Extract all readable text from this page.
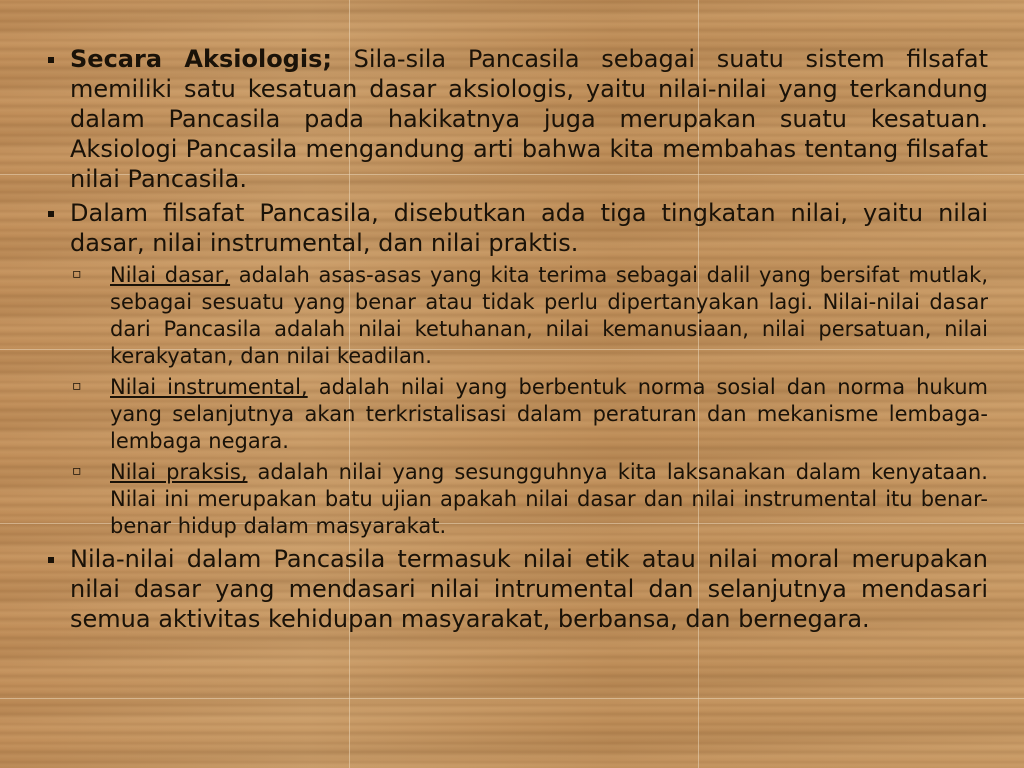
Secara Aksiologis; Sila-sila Pancasila sebagai suatu sistem filsafat memiliki satu kesatuan dasar aksiologis, yaitu nilai-nilai yang terkandung dalam Pancasila pada hakikatnya juga merupakan suatu kesatuan. Aksiologi Pancasila mengandung arti bahwa kita membahas tentang filsafat nilai Pancasila.

Dalam filsafat Pancasila, disebutkan ada tiga tingkatan nilai, yaitu nilai dasar, nilai instrumental, dan nilai praktis.

▫ Nilai dasar, adalah asas-asas yang kita terima sebagai dalil yang bersifat mutlak, sebagai sesuatu yang benar atau tidak perlu dipertanyakan lagi. Nilai-nilai dasar dari Pancasila adalah nilai ketuhanan, nilai kemanusiaan, nilai persatuan, nilai kerakyatan, dan nilai keadilan.

▫ Nilai instrumental, adalah nilai yang berbentuk norma sosial dan norma hukum yang selanjutnya akan terkristalisasi dalam peraturan dan mekanisme lembaga-lembaga negara.

▫ Nilai praksis, adalah nilai yang sesungguhnya kita laksanakan dalam kenyataan. Nilai ini merupakan batu ujian apakah nilai dasar dan nilai instrumental itu benar-benar hidup dalam masyarakat.

Nila-nilai dalam Pancasila termasuk nilai etik atau nilai moral merupakan nilai dasar yang mendasari nilai intrumental dan selanjutnya mendasari semua aktivitas kehidupan masyarakat, berbansa, dan bernegara.
